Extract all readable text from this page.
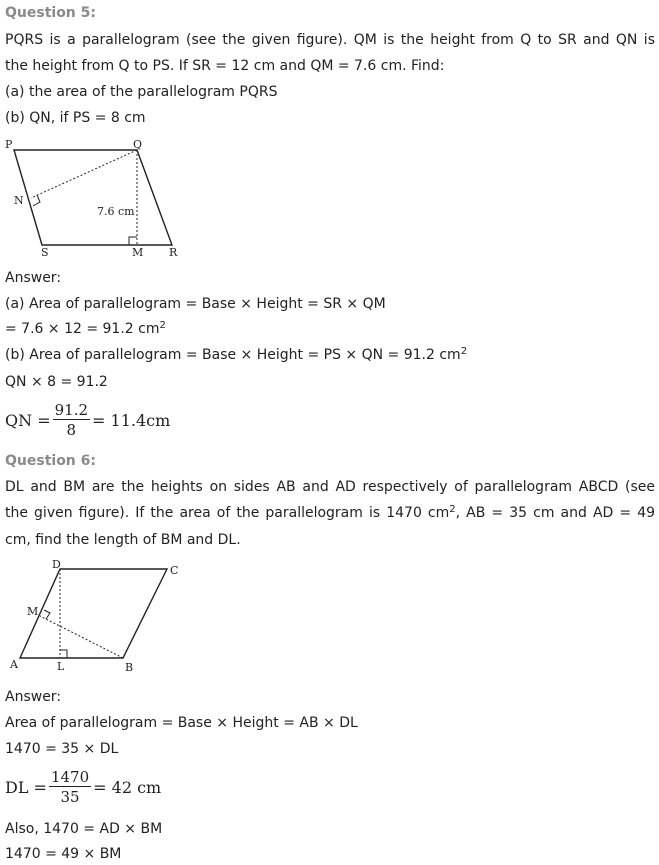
Question 5:

PQRS is a parallelogram (see the given figure). QM is the height from Q to SR and QN is

the height from Q to PS. If SR = 12 cm and QM = 7.6 cm. Find:

(a) the area of the parallelogram PQRS

(b) QN, if PS = 8 cm

P	Q
R
S
N
M
7.6 cm

Answer:

(a) Area of parallelogram = Base × Height = SR × QM

= 7.6 × 12 = 91.2 $cm^2$

(b) Area of parallelogram = Base × Height = PS × QN = 91.2 $cm^2$

QN × 8 = 91.2

QN = $\frac{91.2}{8} = 11.4cm$

Question 6:

DL and BM are the heights on sides AB and AD respectively of parallelogram ABCD (see

the given figure). If the area of the parallelogram is 1470 $cm^2$, AB = 35 cm and AD = 49

cm, find the length of BM and DL.

A	B
C
D
L
M

Answer:

Area of parallelogram = Base × Height = AB × DL

1470 = 35 × DL

DL = $\frac{1470}{35} = 42$ cm

Also, 1470 = AD × BM

1470 = 49 × BM
